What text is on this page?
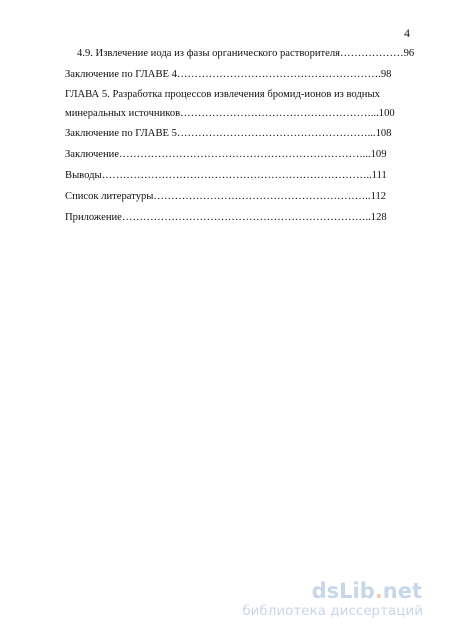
4
4.9. Извлечение иода из фазы органического растворителя………………96
Заключение по ГЛАВЕ 4………………………………………………….98
ГЛАВА 5. Разработка процессов извлечения бромид-ионов из водных
минеральных источников………………………………………………...100
Заключение по ГЛАВЕ 5………………………………………………...108
Заключение……………………………………………………………...109
Выводы…………………………………………………………………..111
Список литературы……………………………………………………..112
Приложение……………………………………………………………..128
dsLib.net
библиотека диссертаций
